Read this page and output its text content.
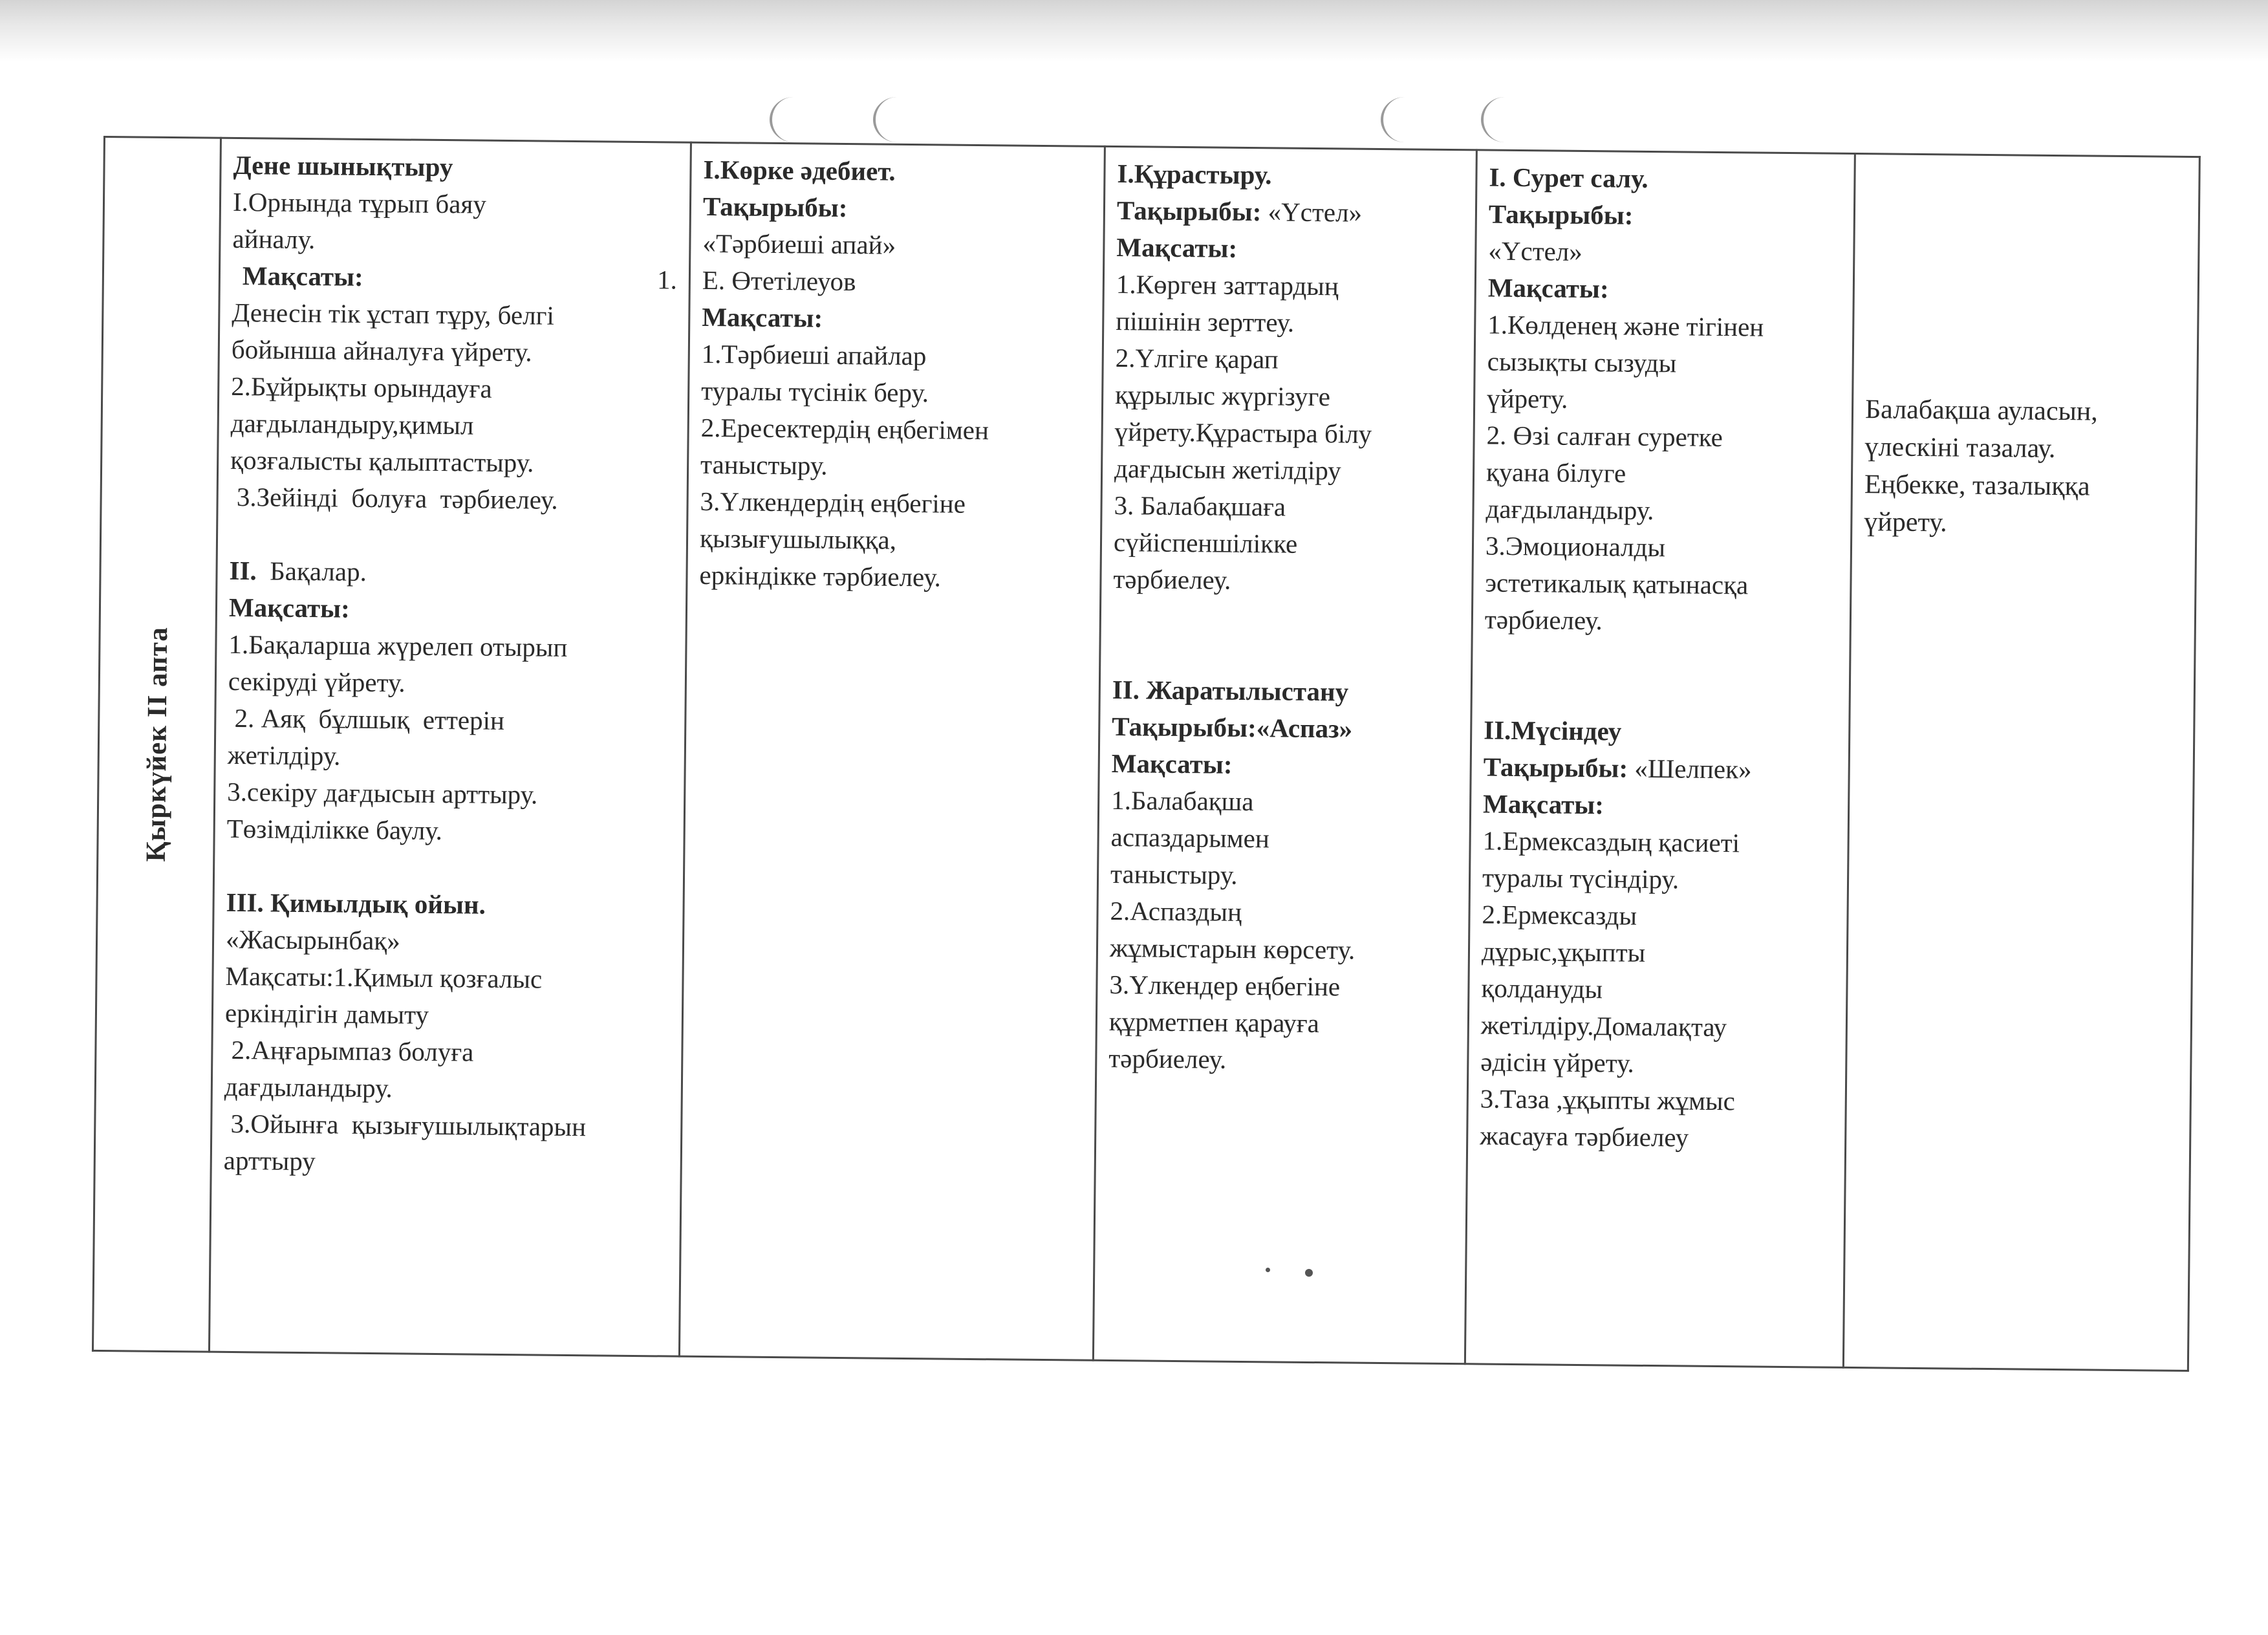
Қыркүйек II апта

Дене шынықтыру
I.Орнында тұрып баяу
айналу.
Мақсаты:	1.
Денесін тік ұстап тұру, белгі
бойынша айналуға үйрету.
2.Бұйрықты орындауға
дағдыландыру,қимыл
қозғалысты қалыптастыру.
3.Зейінді  болуға  тәрбиелеу.
II.  Бақалар.
Мақсаты:
1.Бақаларша жүрелеп отырып
секіруді үйрету.
2. Аяқ  бұлшық  еттерін
жетілдіру.
3.секіру дағдысын арттыру.
Төзімділікке баулу.
III. Қимылдық ойын.
«Жасырынбақ»
Мақсаты:1.Қимыл қозғалыс
еркіндігін дамыту
2.Аңғарымпаз болуға
дағдыландыру.
3.Ойынға  қызығушылықтарын
арттыру

I.Көрке әдебиет.
Тақырыбы:
«Тәрбиеші апай»
Е. Өтетілеуов
Мақсаты:
1.Тәрбиеші апайлар
туралы түсінік беру.
2.Ересектердің еңбегімен
таныстыру.
3.Үлкендердің еңбегіне
қызығушылыққа,
еркіндікке тәрбиелеу.

I.Құрастыру.
Тақырыбы: «Үстел»
Мақсаты:
1.Көрген заттардың
пішінін зерттеу.
2.Үлгіге қарап
құрылыс жүргізуге
үйрету.Құрастыра білу
дағдысын жетілдіру
3. Балабақшаға
сүйіспеншілікке
тәрбиелеу.
II. Жаратылыстану
Тақырыбы:«Аспаз»
Мақсаты:
1.Балабақша
аспаздарымен
таныстыру.
2.Аспаздың
жұмыстарын көрсету.
3.Үлкендер еңбегіне
құрметпен қарауға
тәрбиелеу.

I. Сурет салу.
Тақырыбы:
«Үстел»
Мақсаты:
1.Көлденең және тігінен
сызықты сызуды
үйрету.
2. Өзі салған суретке
қуана білуге
дағдыландыру.
3.Эмоционалды
эстетикалық қатынасқа
тәрбиелеу.
II.Мүсіндеу
Тақырыбы: «Шелпек»
Мақсаты:
1.Ермексаздың қасиеті
туралы түсіндіру.
2.Ермексазды
дұрыс,ұқыпты
қолдануды
жетілдіру.Домалақтау
әдісін үйрету.
3.Таза ,ұқыпты жұмыс
жасауға тәрбиелеу

Балабақша ауласын,
үлескіні тазалау.
Еңбекке, тазалыққа
үйрету.
